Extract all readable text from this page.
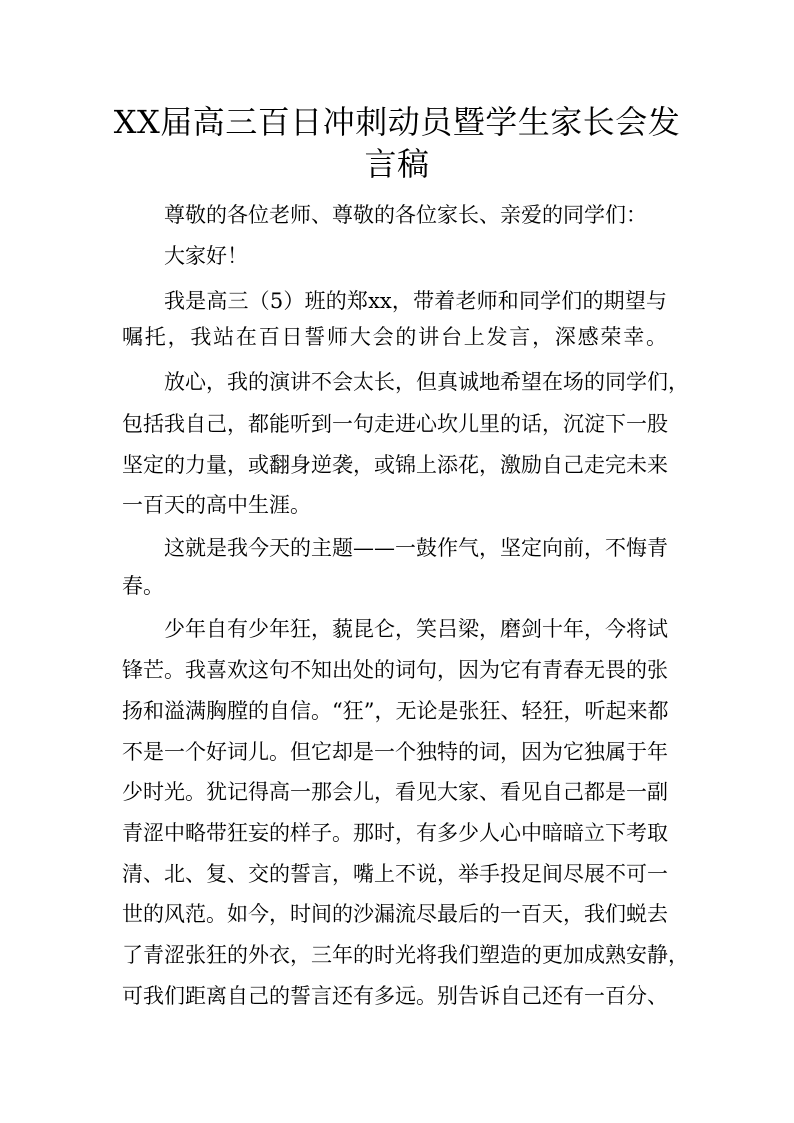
XX届高三百日冲刺动员暨学生家长会发
言稿

尊敬的各位老师、尊敬的各位家长、亲爱的同学们：

大家好！

我是高三（5）班的郑xx，带着老师和同学们的期望与

嘱托，我站在百日誓师大会的讲台上发言，深感荣幸。

放心，我的演讲不会太长，但真诚地希望在场的同学们，

包括我自己，都能听到一句走进心坎儿里的话，沉淀下一股

坚定的力量，或翻身逆袭，或锦上添花，激励自己走完未来

一百天的高中生涯。

这就是我今天的主题——一鼓作气，坚定向前，不悔青

春。

少年自有少年狂，藐昆仑，笑吕梁，磨剑十年，今将试

锋芒。我喜欢这句不知出处的词句，因为它有青春无畏的张

扬和溢满胸膛的自信。“狂”，无论是张狂、轻狂，听起来都

不是一个好词儿。但它却是一个独特的词，因为它独属于年

少时光。犹记得高一那会儿，看见大家、看见自己都是一副

青涩中略带狂妄的样子。那时，有多少人心中暗暗立下考取

清、北、复、交的誓言，嘴上不说，举手投足间尽展不可一

世的风范。如今，时间的沙漏流尽最后的一百天，我们蜕去

了青涩张狂的外衣，三年的时光将我们塑造的更加成熟安静，

可我们距离自己的誓言还有多远。别告诉自己还有一百分、
